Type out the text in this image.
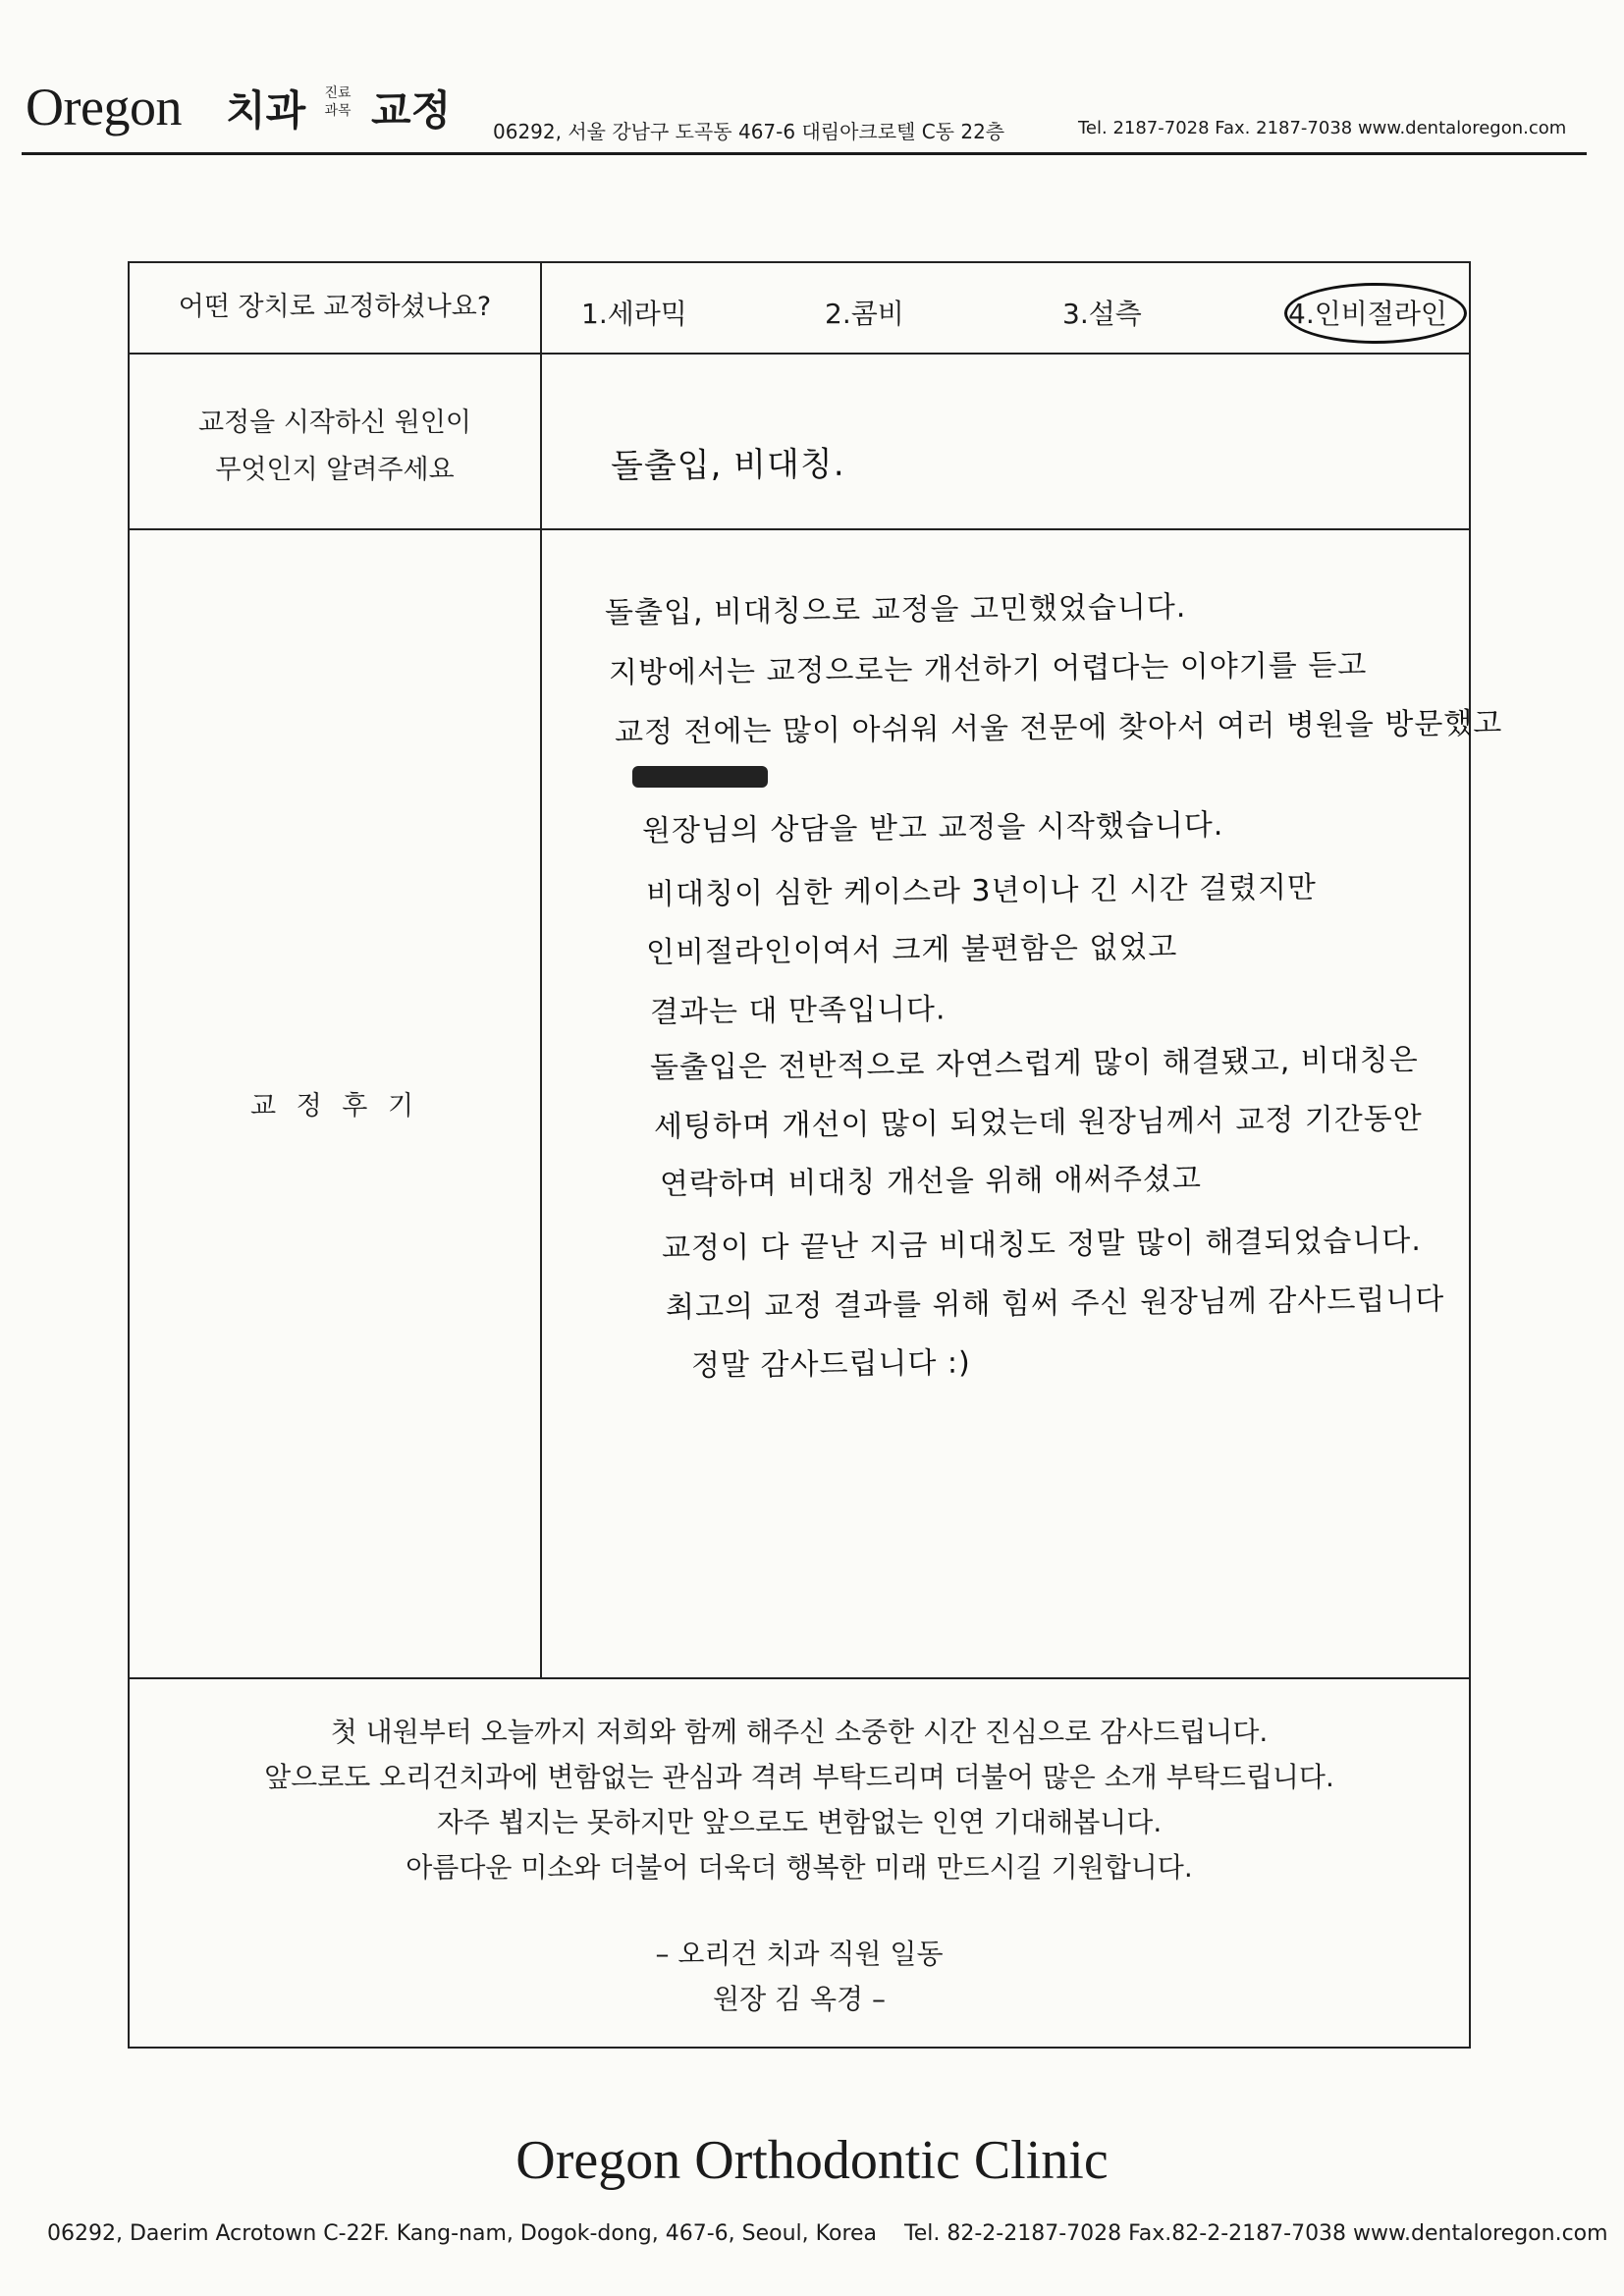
Oregon 치과	진료 과목 교정 06292, 서울 강남구 도곡동 467-6 대림아크로텔 C동 22층	Tel. 2187-7028 Fax. 2187-7038 www.dentaloregon.com
어떤 장치로 교정하셨나요?	1.세라믹	2.콤비	3.설측	4.인비절라인
교정을 시작하신 원인이
무엇인지 알려주세요	돌출입, 비대칭.
교 정 후 기
돌출입, 비대칭으로 교정을 고민했었습니다.
지방에서는 교정으로는 개선하기 어렵다는 이야기를 듣고
교정 전에는 많이 아쉬워 서울 전문에 찾아서 여러 병원을 방문했고
원장님의 상담을 받고 교정을 시작했습니다.
비대칭이 심한 케이스라 3년이나 긴 시간 걸렸지만
인비절라인이여서 크게 불편함은 없었고
결과는 대 만족입니다.
돌출입은 전반적으로 자연스럽게 많이 해결됐고, 비대칭은
세팅하며 개선이 많이 되었는데 원장님께서 교정 기간동안
연락하며 비대칭 개선을 위해 애써주셨고
교정이 다 끝난 지금 비대칭도 정말 많이 해결되었습니다.
최고의 교정 결과를 위해 힘써 주신 원장님께 감사드립니다
정말 감사드립니다 :)
첫 내원부터 오늘까지 저희와 함께 해주신 소중한 시간 진심으로 감사드립니다.
앞으로도 오리건치과에 변함없는 관심과 격려 부탁드리며 더불어 많은 소개 부탁드립니다.
자주 뵙지는 못하지만 앞으로도 변함없는 인연 기대해봅니다.
아름다운 미소와 더불어 더욱더 행복한 미래 만드시길 기원합니다.
– 오리건 치과 직원 일동
원장 김 옥경 –
Oregon Orthodontic Clinic
06292, Daerim Acrotown C-22F. Kang-nam, Dogok-dong, 467-6, Seoul, Korea Tel. 82-2-2187-7028 Fax.82-2-2187-7038 www.dentaloregon.com
